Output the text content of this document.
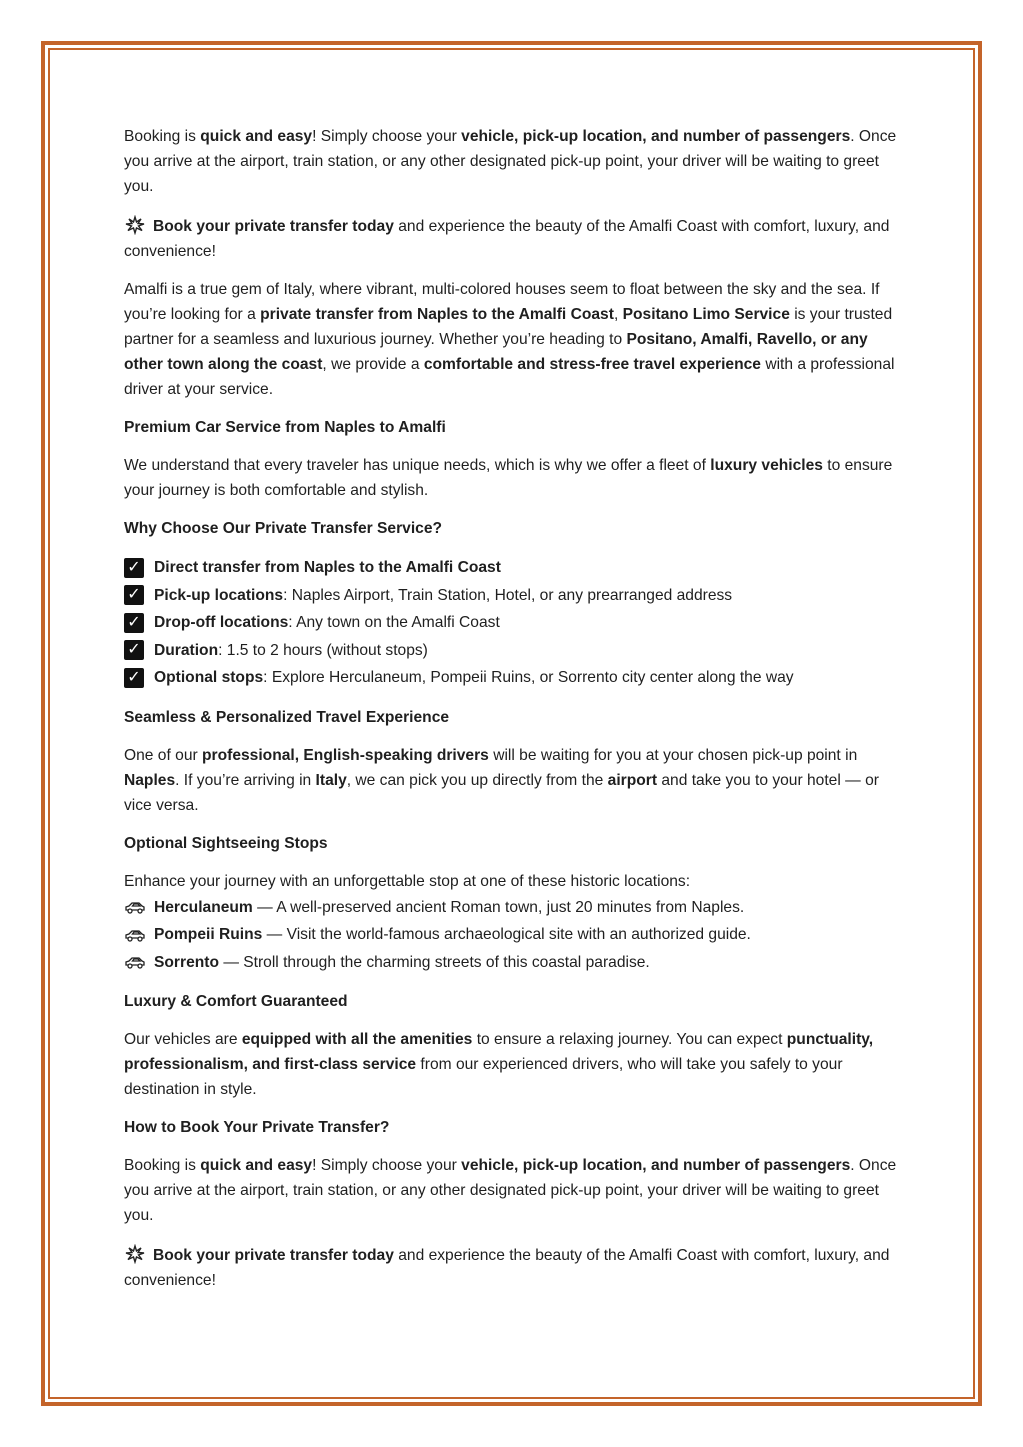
Booking is quick and easy! Simply choose your vehicle, pick-up location, and number of passengers. Once you arrive at the airport, train station, or any other designated pick-up point, your driver will be waiting to greet you.

Book your private transfer today and experience the beauty of the Amalfi Coast with comfort, luxury, and convenience!

Amalfi is a true gem of Italy, where vibrant, multi-colored houses seem to float between the sky and the sea. If you’re looking for a private transfer from Naples to the Amalfi Coast, Positano Limo Service is your trusted partner for a seamless and luxurious journey. Whether you’re heading to Positano, Amalfi, Ravello, or any other town along the coast, we provide a comfortable and stress-free travel experience with a professional driver at your service.

Premium Car Service from Naples to Amalfi

We understand that every traveler has unique needs, which is why we offer a fleet of luxury vehicles to ensure your journey is both comfortable and stylish.

Why Choose Our Private Transfer Service?

✓ Direct transfer from Naples to the Amalfi Coast
✓ Pick-up locations: Naples Airport, Train Station, Hotel, or any prearranged address
✓ Drop-off locations: Any town on the Amalfi Coast
✓ Duration: 1.5 to 2 hours (without stops)
✓ Optional stops: Explore Herculaneum, Pompeii Ruins, or Sorrento city center along the way

Seamless & Personalized Travel Experience

One of our professional, English-speaking drivers will be waiting for you at your chosen pick-up point in Naples. If you’re arriving in Italy, we can pick you up directly from the airport and take you to your hotel — or vice versa.

Optional Sightseeing Stops

Enhance your journey with an unforgettable stop at one of these historic locations:

Herculaneum — A well-preserved ancient Roman town, just 20 minutes from Naples.
Pompeii Ruins — Visit the world-famous archaeological site with an authorized guide.
Sorrento — Stroll through the charming streets of this coastal paradise.

Luxury & Comfort Guaranteed

Our vehicles are equipped with all the amenities to ensure a relaxing journey. You can expect punctuality, professionalism, and first-class service from our experienced drivers, who will take you safely to your destination in style.

How to Book Your Private Transfer?

Booking is quick and easy! Simply choose your vehicle, pick-up location, and number of passengers. Once you arrive at the airport, train station, or any other designated pick-up point, your driver will be waiting to greet you.

Book your private transfer today and experience the beauty of the Amalfi Coast with comfort, luxury, and convenience!
